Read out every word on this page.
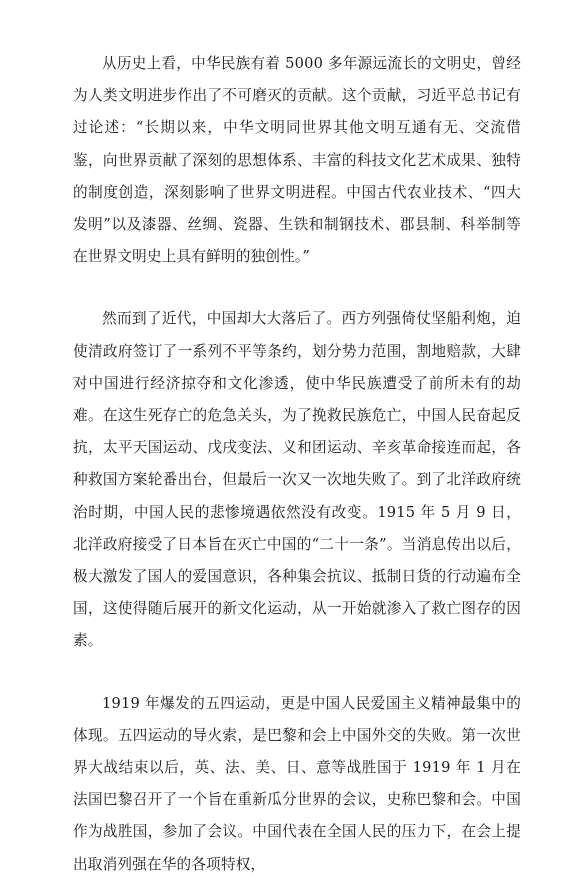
从历史上看，中华民族有着 5000 多年源远流长的文明史，曾经为人类文明进步作出了不可磨灭的贡献。这个贡献，习近平总书记有过论述：“长期以来，中华文明同世界其他文明互通有无、交流借鉴，向世界贡献了深刻的思想体系、丰富的科技文化艺术成果、独特的制度创造，深刻影响了世界文明进程。中国古代农业技术、“四大发明”以及漆器、丝绸、瓷器、生铁和制钢技术、郡县制、科举制等在世界文明史上具有鲜明的独创性。”

然而到了近代，中国却大大落后了。西方列强倚仗坚船利炮，迫使清政府签订了一系列不平等条约，划分势力范围，割地赔款，大肆对中国进行经济掠夺和文化渗透，使中华民族遭受了前所未有的劫难。在这生死存亡的危急关头，为了挽救民族危亡，中国人民奋起反抗，太平天国运动、戊戌变法、义和团运动、辛亥革命接连而起，各种救国方案轮番出台，但最后一次又一次地失败了。到了北洋政府统治时期，中国人民的悲惨境遇依然没有改变。1915 年 5 月 9 日，北洋政府接受了日本旨在灭亡中国的“二十一条”。当消息传出以后，极大激发了国人的爱国意识，各种集会抗议、抵制日货的行动遍布全国，这使得随后展开的新文化运动，从一开始就渗入了救亡图存的因素。

1919 年爆发的五四运动，更是中国人民爱国主义精神最集中的体现。五四运动的导火索，是巴黎和会上中国外交的失败。第一次世界大战结束以后，英、法、美、日、意等战胜国于 1919 年 1 月在法国巴黎召开了一个旨在重新瓜分世界的会议，史称巴黎和会。中国作为战胜国，参加了会议。中国代表在全国人民的压力下，在会上提出取消列强在华的各项特权，
